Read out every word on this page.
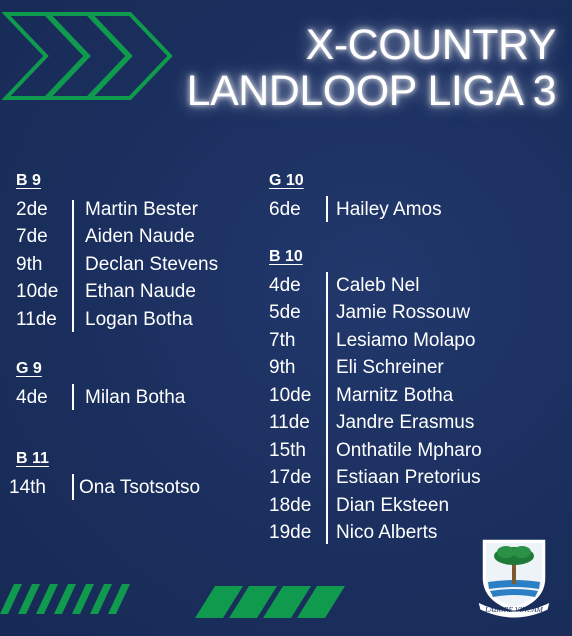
X-COUNTRY
LANDLOOP LIGA 3
B 9
G 9
B 11
G 10
B 10
2de Martin Bester
7de Aiden Naude
9th Declan Stevens
10de Ethan Naude
11de Logan Botha
4de Milan Botha
14th Ona Tsotsotso
6de Hailey Amos
4de Caleb Nel
5de Jamie Rossouw
7th Lesiamo Molapo
9th Eli Schreiner
10de Marnitz Botha
11de Jandre Erasmus
15th Onthatile Mpharo
17de Estiaan Pretorius
18de Dian Eksteen
19de Nico Alberts
LABORE VINCAM
